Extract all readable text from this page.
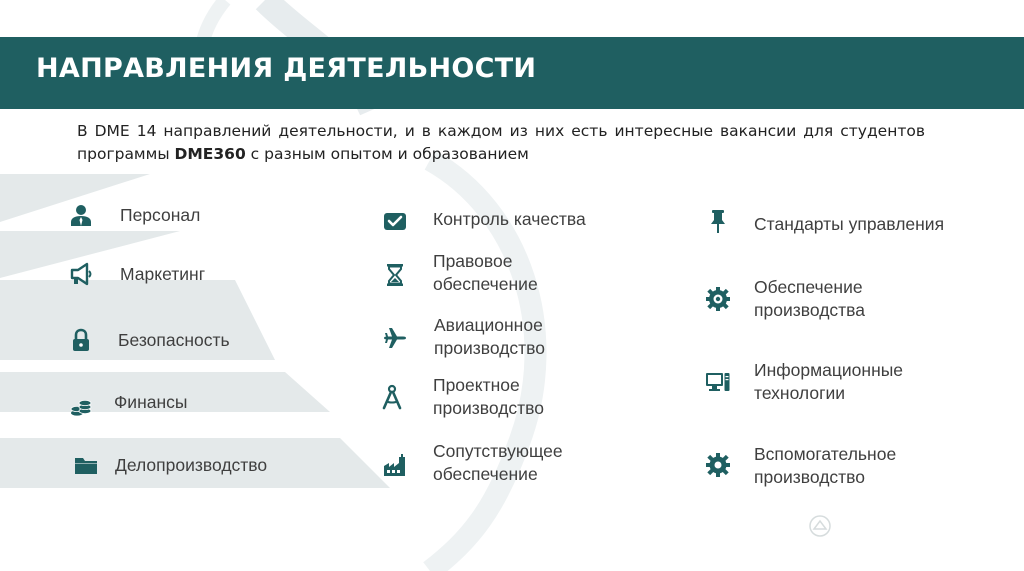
НАПРАВЛЕНИЯ ДЕЯТЕЛЬНОСТИ
В DME 14 направлений деятельности, и в каждом из них есть интересные вакансии для студентов программы DME360 с разным опытом и образованием
Персонал
Маркетинг
Безопасность
Финансы
Делопроизводство
Контроль качества
Правовое
обеспечение
Авиационное
производство
Проектное
производство
Сопутствующее
обеспечение
Стандарты управления
Обеспечение
производства
Информационные
технологии
Вспомогательное
производство
